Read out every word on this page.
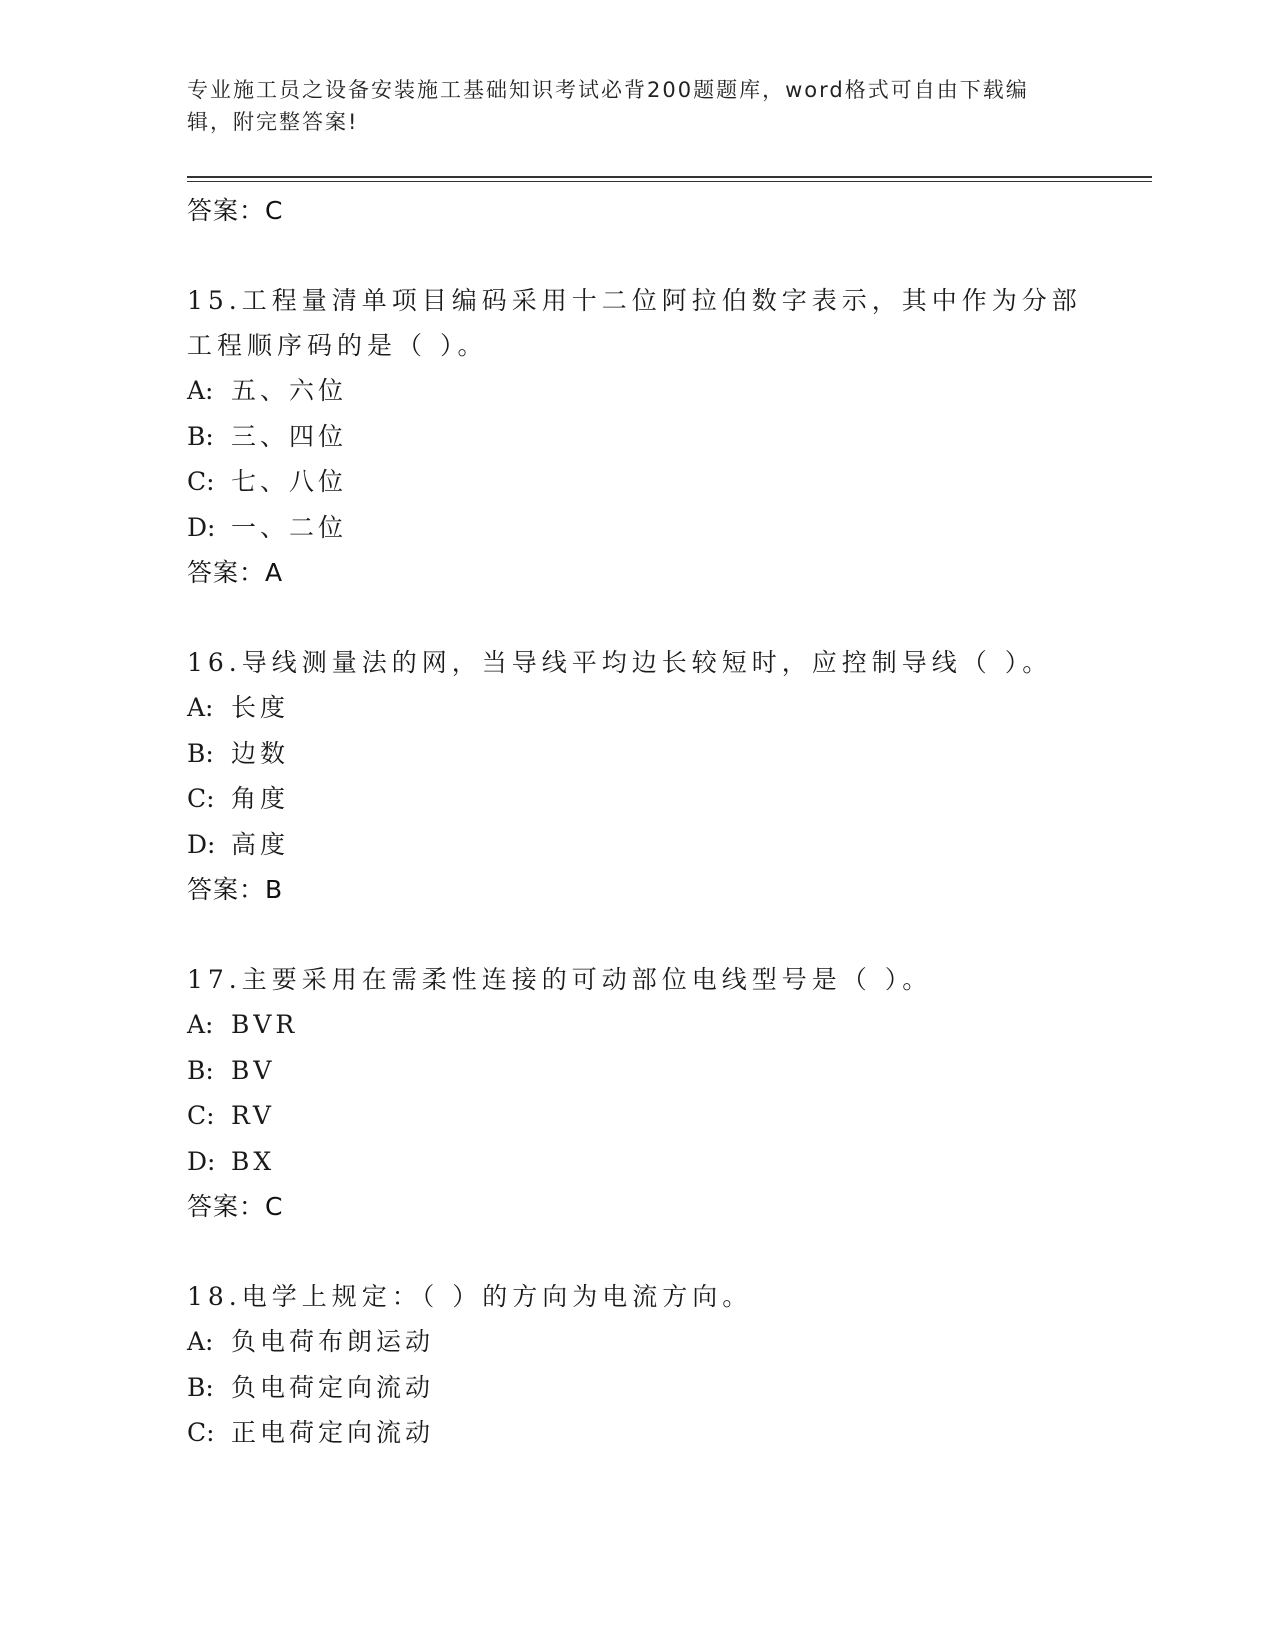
专业施工员之设备安装施工基础知识考试必背200题题库，word格式可自由下载编辑，附完整答案!
答案：C
15.工程量清单项目编码采用十二位阿拉伯数字表示，其中作为分部工程顺序码的是（ ）。
A: 五、六位
B: 三、四位
C: 七、八位
D: 一、二位
答案：A
16.导线测量法的网，当导线平均边长较短时，应控制导线（ ）。
A: 长度
B: 边数
C: 角度
D: 高度
答案：B
17.主要采用在需柔性连接的可动部位电线型号是（ ）。
A: BVR
B: BV
C: RV
D: BX
答案：C
18.电学上规定：（ ）的方向为电流方向。
A: 负电荷布朗运动
B: 负电荷定向流动
C: 正电荷定向流动
